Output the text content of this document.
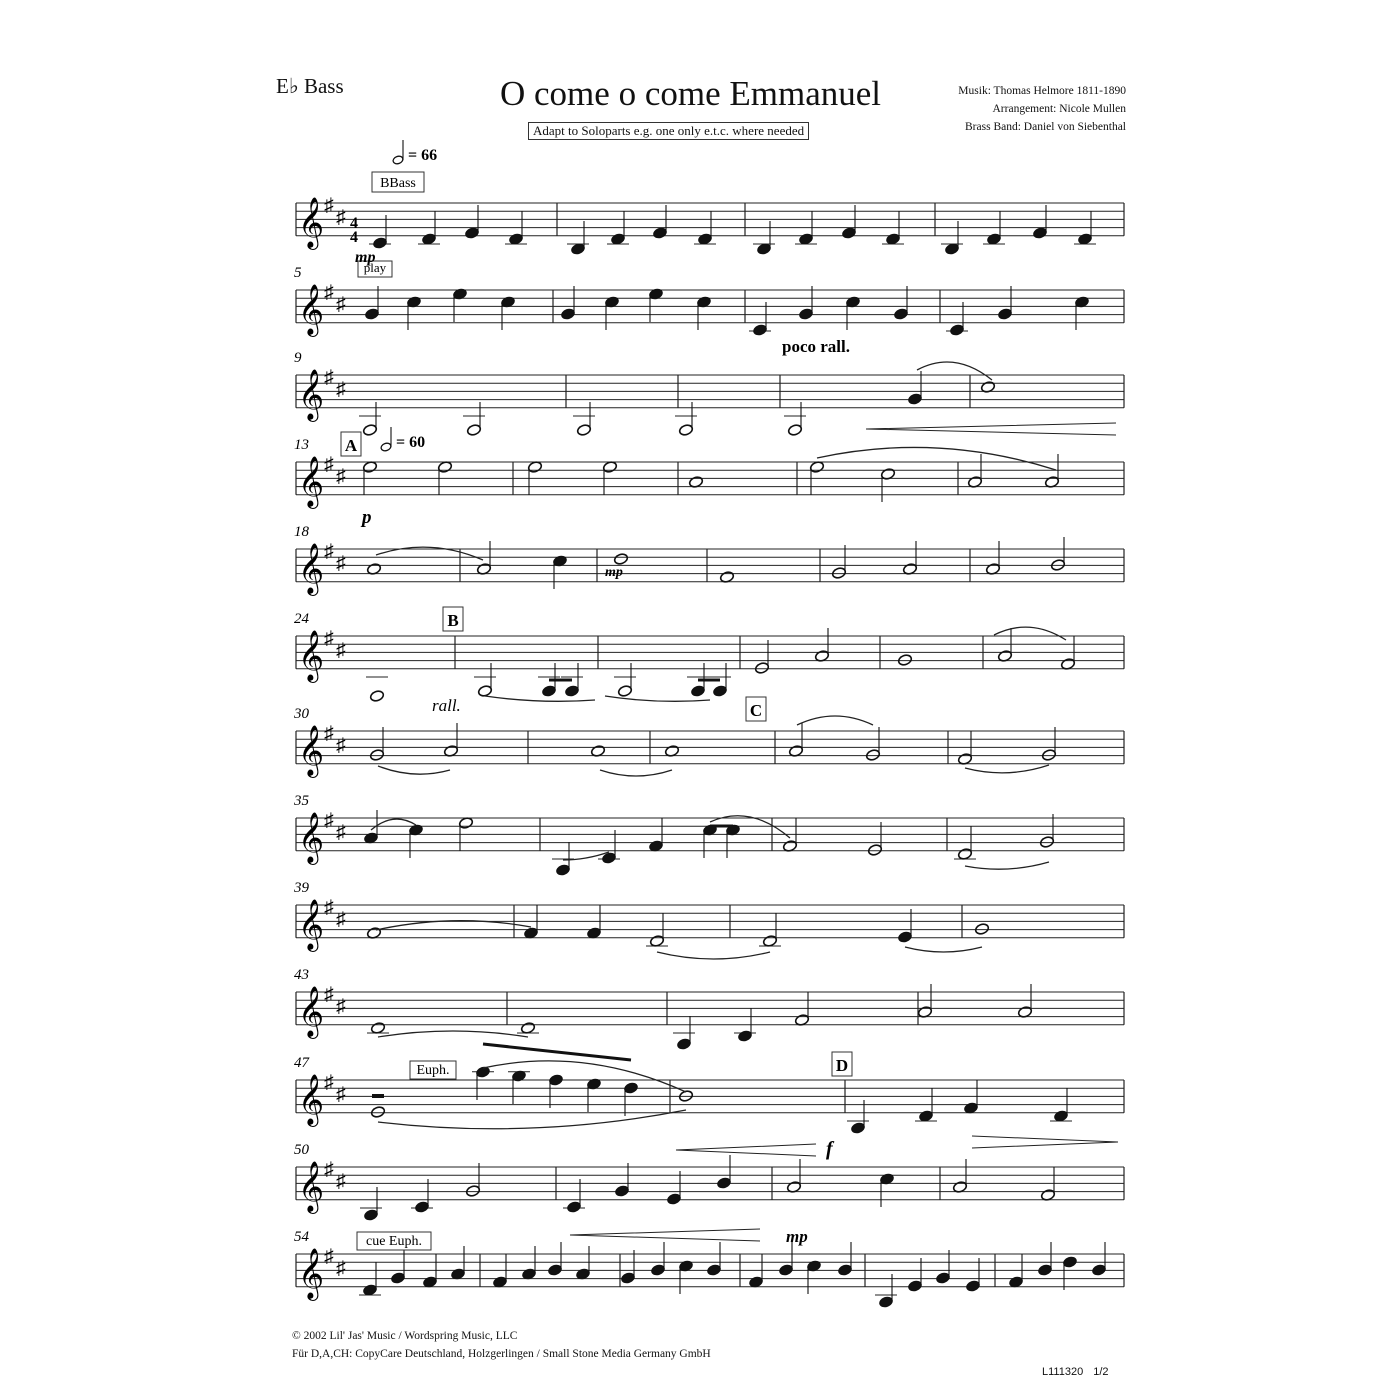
E♭ Bass	O come o come Emmanuel
Adapt to Soloparts e.g. one only e.t.c. where needed
Musik: Thomas Helmore 1811-1890
Arrangement: Nicole Mullen
Brass Band: Daniel von Siebenthal
𝄞 ♯
♯
𝄞 ♯
♯
5
𝄞 ♯
♯
9
𝄞 ♯
♯
13
𝄞 ♯
♯
18
𝄞 ♯
♯
24
𝄞 ♯
♯
30
𝄞 ♯
♯
35
𝄞 ♯
♯
39
𝄞 ♯
♯
43
𝄞 ♯
♯
47
𝄞 ♯
♯
50
𝄞 ♯
♯
54
4
4
= 66
= 60
BBass
play
Euph.
cue Euph.
A
B
C
D
poco rall.
rall.
mp
p
mp
f
mp
© 2002 Lil' Jas' Music / Wordspring Music, LLC
Für D,A,CH: CopyCare Deutschland, Holzgerlingen / Small Stone Media Germany GmbH
L111320 1/2
